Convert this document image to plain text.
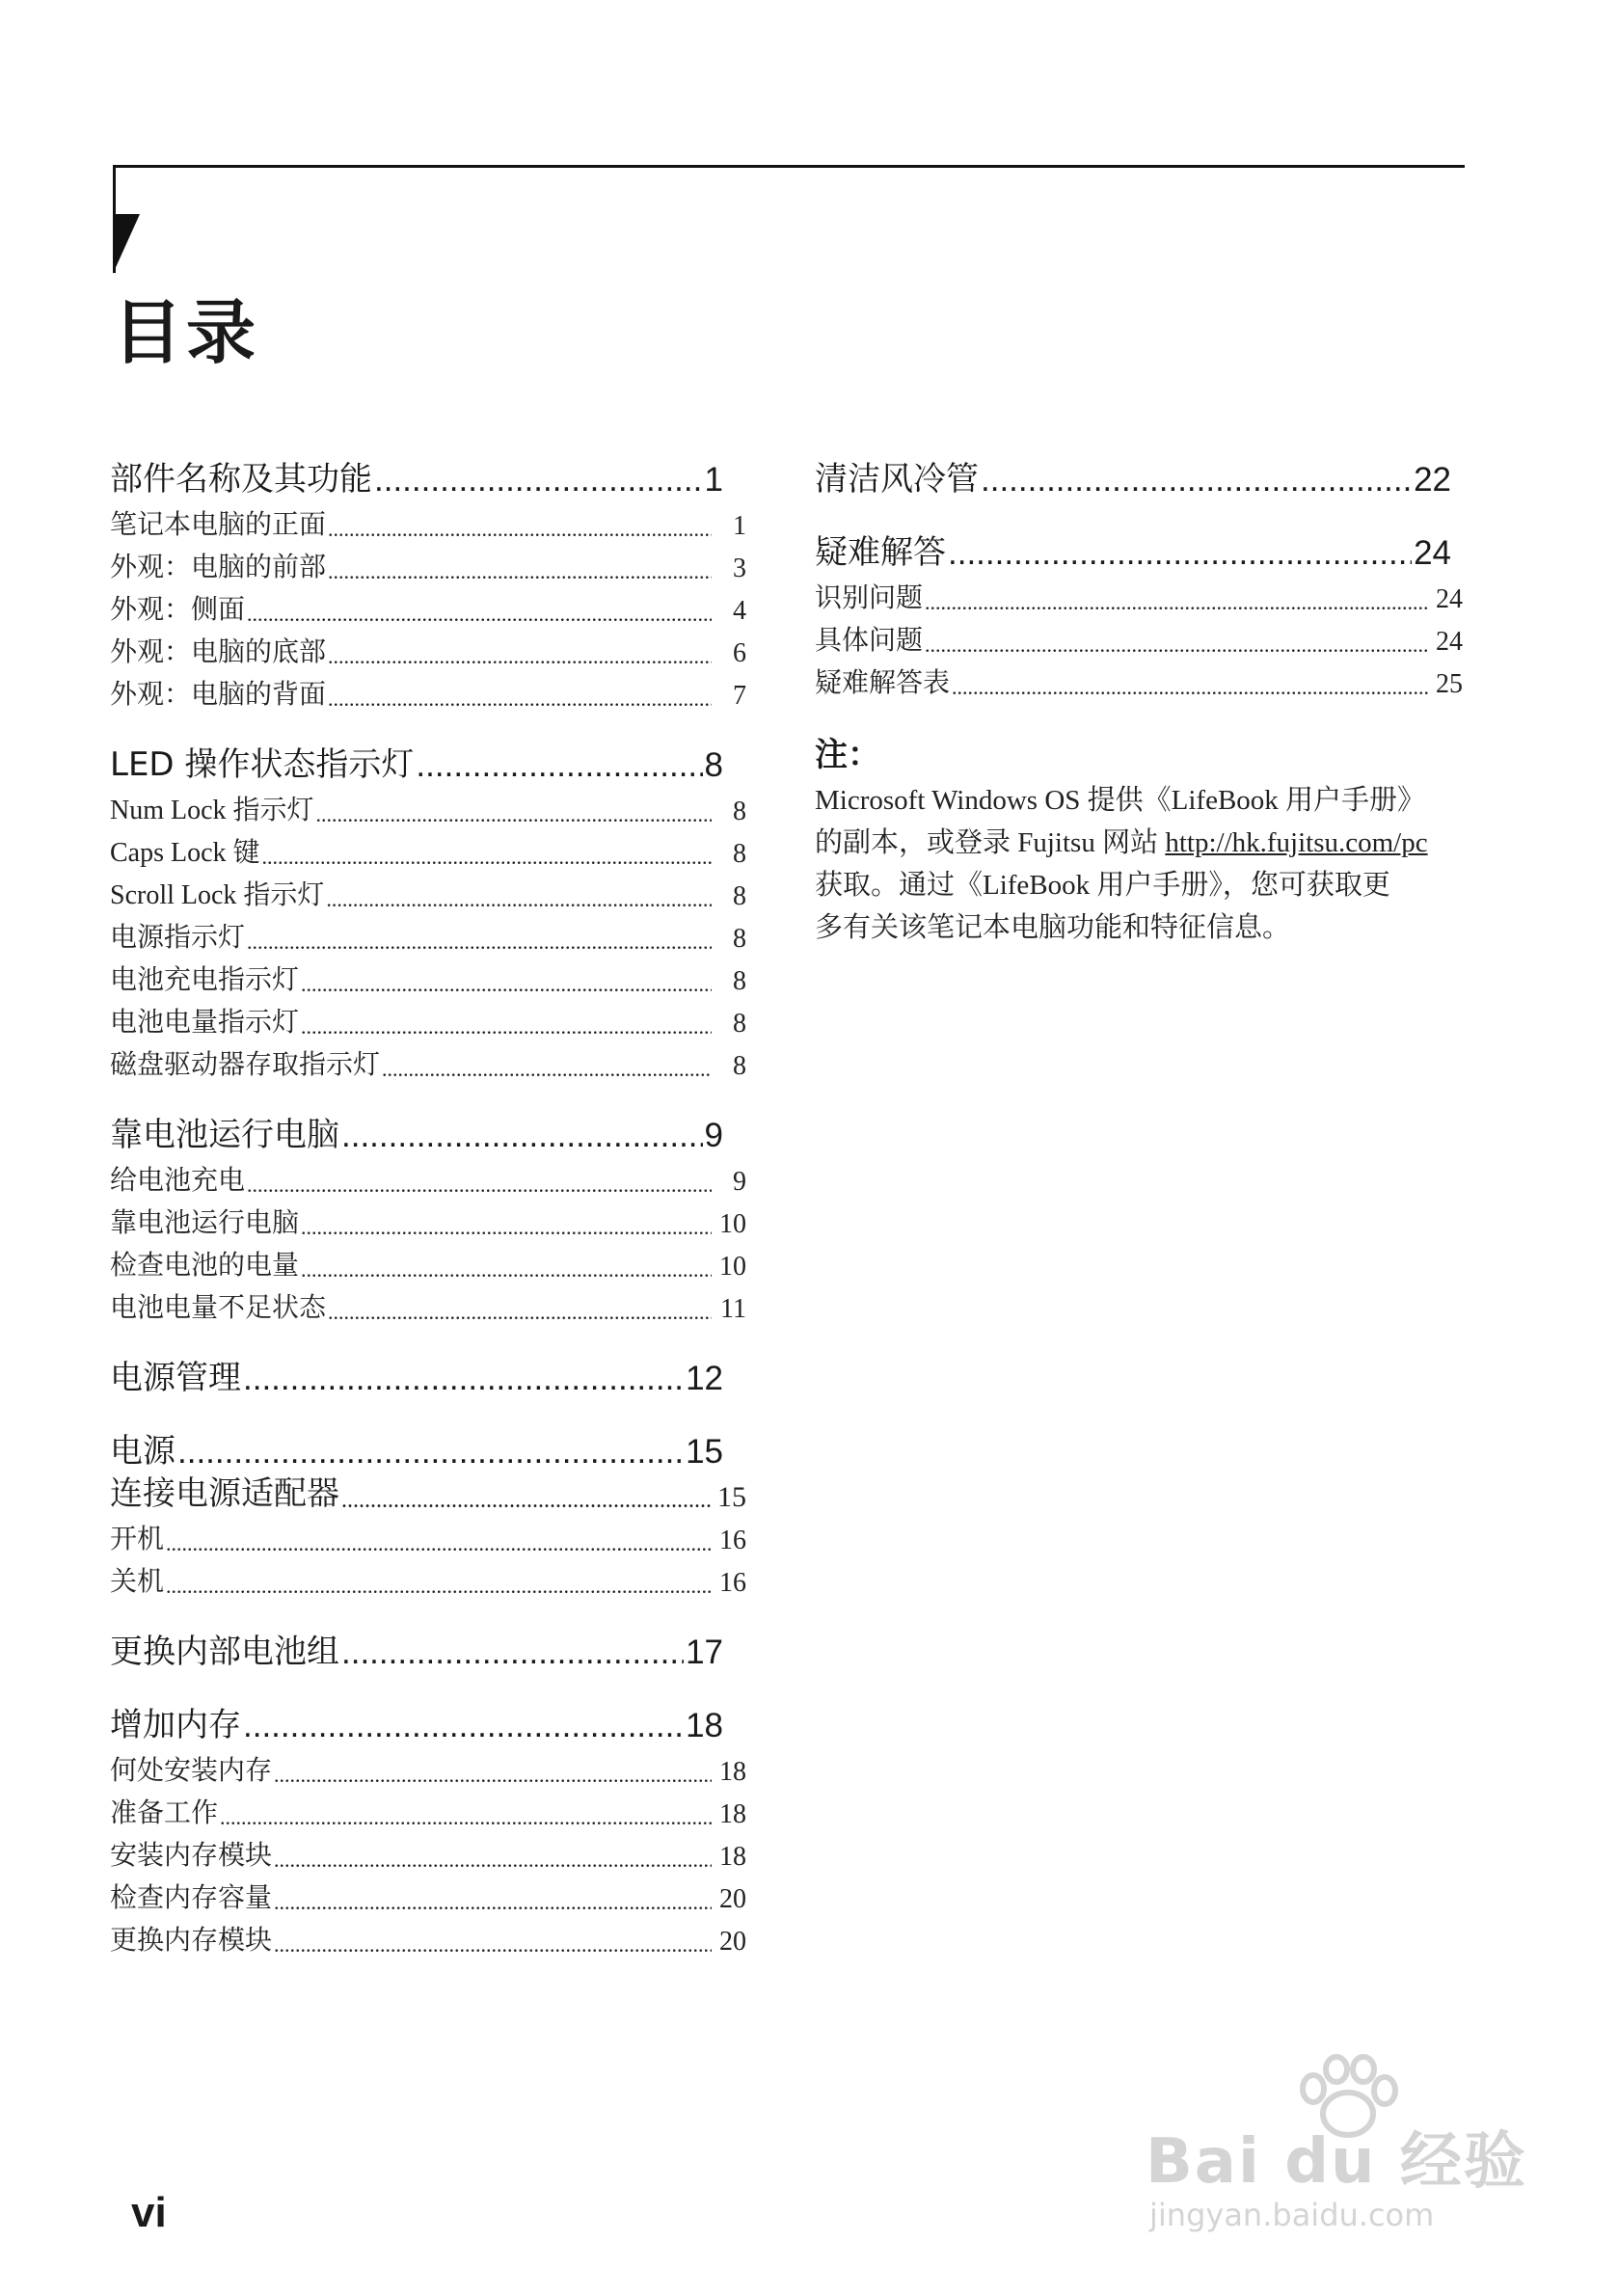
目录
部件名称及其功能 .....	1
笔记本电脑的正面 .....	1
外观：电脑的前部 .....	3
外观：侧面 .....	4
外观：电脑的底部 .....	6
外观：电脑的背面 .....	7
LED 操作状态指示灯 .....	8
Num Lock 指示灯 .....	8
Caps Lock 键 .....	8
Scroll Lock 指示灯 .....	8
电源指示灯 .....	8
电池充电指示灯 .....	8
电池电量指示灯 .....	8
磁盘驱动器存取指示灯 .....	8
靠电池运行电脑 .....	9
给电池充电 .....	9
靠电池运行电脑 .....	10
检查电池的电量 .....	10
电池电量不足状态 .....	11
电源管理 .....	12
电源 .....	15
连接电源适配器 .....	15
开机 .....	16
关机 .....	16
更换内部电池组 .....	17
增加内存 .....	18
何处安装内存 .....	18
准备工作 .....	18
安装内存模块 .....	18
检查内存容量 .....	20
更换内存模块 .....	20
清洁风冷管 .....	22
疑难解答 .....	24
识别问题 .....	24
具体问题 .....	24
疑难解答表 .....	25
注：
Microsoft Windows OS 提供《LifeBook 用户手册》
的副本，或登录 Fujitsu 网站 http://hk.fujitsu.com/pc
获取。通过《LifeBook 用户手册》，您可获取更
多有关该笔记本电脑功能和特征信息。

vi

Bai du 经验
jingyan.baidu.com
